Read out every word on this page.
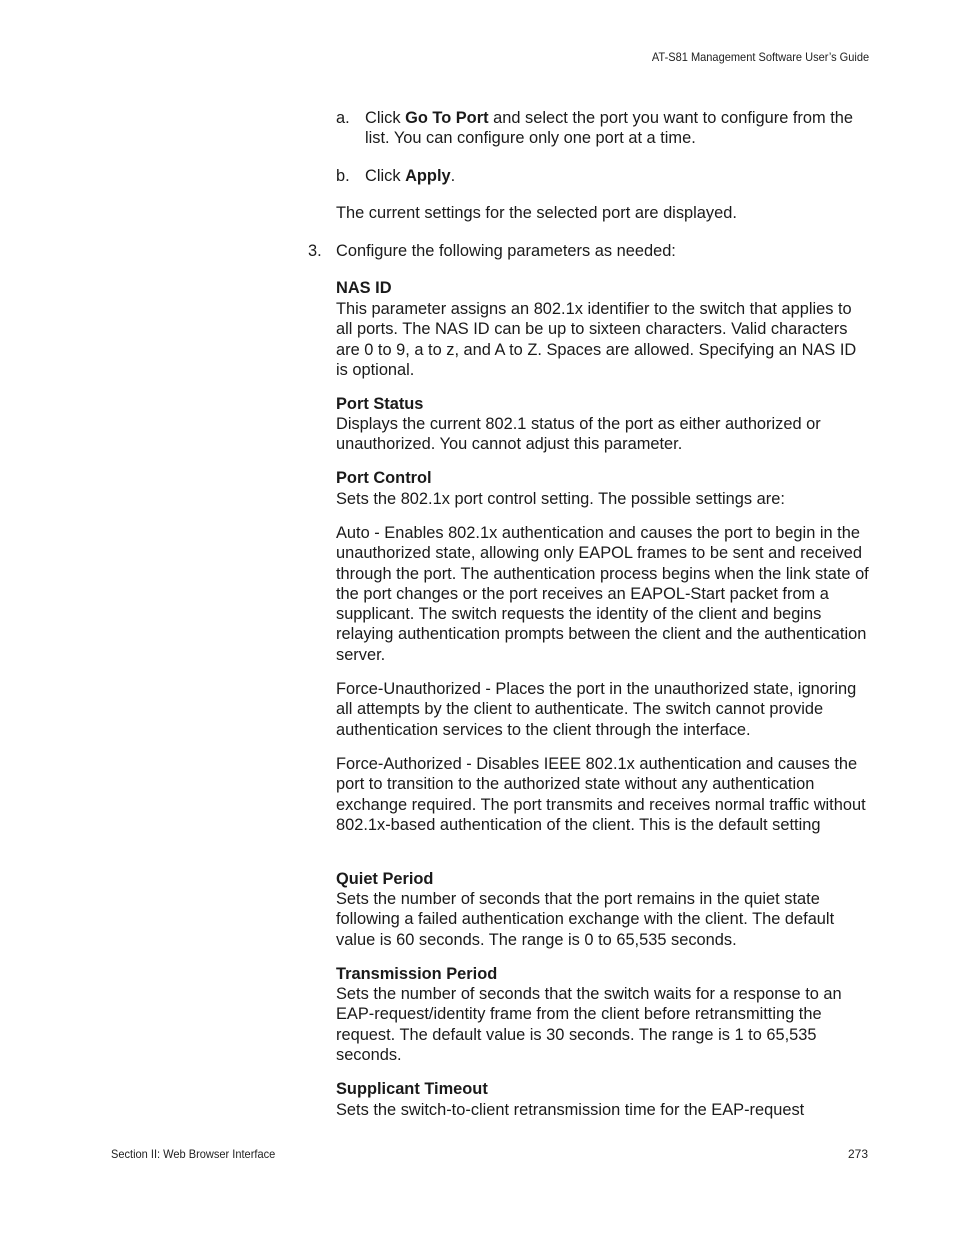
AT-S81 Management Software User’s Guide
a. Click Go To Port and select the port you want to configure from the list. You can configure only one port at a time.

b. Click Apply.

The current settings for the selected port are displayed.

3. Configure the following parameters as needed:

NAS ID

This parameter assigns an 802.1x identifier to the switch that applies to all ports. The NAS ID can be up to sixteen characters. Valid characters are 0 to 9, a to z, and A to Z. Spaces are allowed. Specifying an NAS ID is optional.

Port Status

Displays the current 802.1 status of the port as either authorized or unauthorized. You cannot adjust this parameter.

Port Control

Sets the 802.1x port control setting. The possible settings are:

Auto - Enables 802.1x authentication and causes the port to begin in the unauthorized state, allowing only EAPOL frames to be sent and received through the port. The authentication process begins when the link state of the port changes or the port receives an EAPOL-Start packet from a supplicant. The switch requests the identity of the client and begins relaying authentication prompts between the client and the authentication server.

Force-Unauthorized - Places the port in the unauthorized state, ignoring all attempts by the client to authenticate. The switch cannot provide authentication services to the client through the interface.

Force-Authorized - Disables IEEE 802.1x authentication and causes the port to transition to the authorized state without any authentication exchange required. The port transmits and receives normal traffic without 802.1x-based authentication of the client. This is the default setting

Quiet Period

Sets the number of seconds that the port remains in the quiet state following a failed authentication exchange with the client. The default value is 60 seconds. The range is 0 to 65,535 seconds.

Transmission Period

Sets the number of seconds that the switch waits for a response to an EAP-request/identity frame from the client before retransmitting the request. The default value is 30 seconds. The range is 1 to 65,535 seconds.

Supplicant Timeout

Sets the switch-to-client retransmission time for the EAP-request

Section II: Web Browser Interface	273
